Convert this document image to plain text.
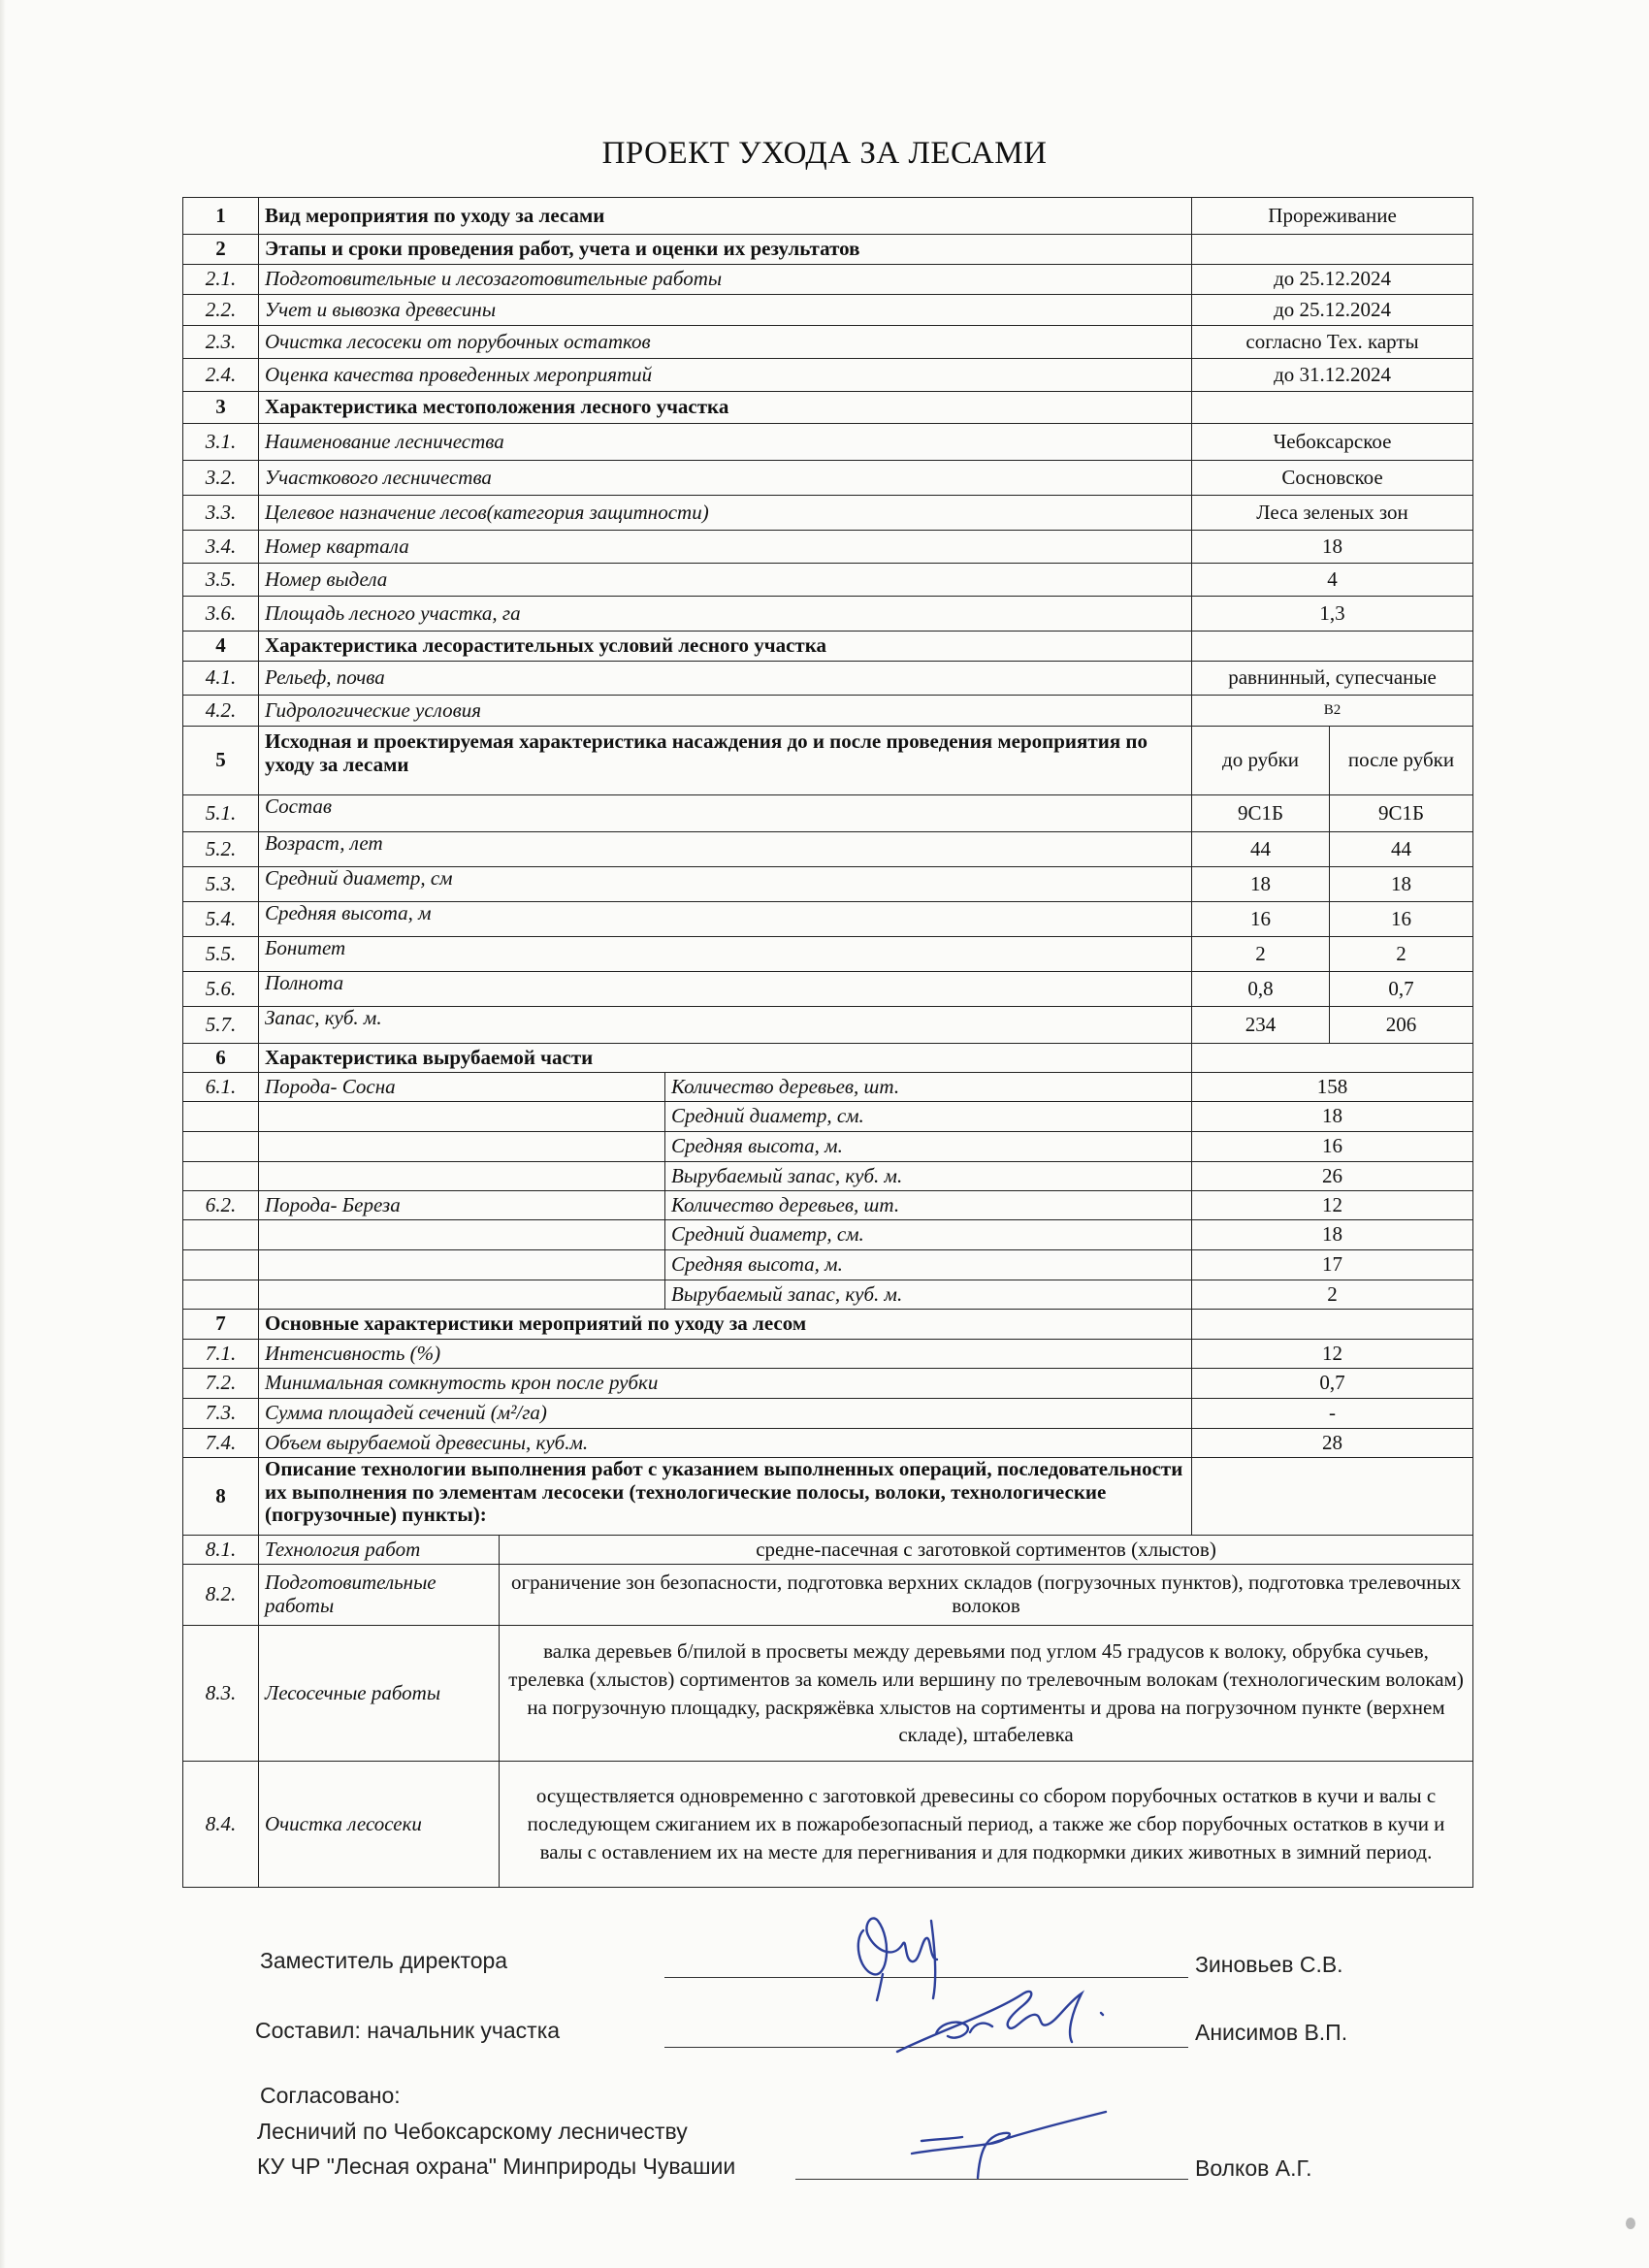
ПРОЕКТ УХОДА ЗА ЛЕСАМИ
1	Вид мероприятия по уходу за лесами			Прореживание	
2	Этапы и сроки проведения работ, учета и оценки их результатов				
2.1.	Подготовительные и лесозаготовительные работы			до 25.12.2024	
2.2.	Учет и вывозка древесины			до 25.12.2024	
2.3.	Очистка лесосеки от порубочных остатков			согласно Тех. карты	
2.4.	Оценка качества проведенных мероприятий			до 31.12.2024	
3	Характеристика местоположения лесного участка				
3.1.	Наименование лесничества			Чебоксарское	
3.2.	Участкового лесничества			Сосновское	
3.3.	Целевое назначение лесов(категория защитности)			Леса зеленых зон	
3.4.	Номер квартала			18	
3.5.	Номер выдела			4	
3.6.	Площадь лесного участка, га			1,3	
4	Характеристика лесорастительных условий лесного участка				
4.1.	Рельеф, почва			равнинный, супесчаные	
4.2.	Гидрологические условия			В2	
5	Исходная и проектируемая характеристика насаждения до и после проведения мероприятия по уходу за лесами			до рубки	после рубки
5.1.	Состав			9С1Б	9С1Б
5.2.	Возраст, лет			44	44
5.3.	Средний диаметр, см			18	18
5.4.	Средняя высота, м			16	16
5.5.	Бонитет			2	2
5.6.	Полнота			0,8	0,7
5.7.	Запас, куб. м.			234	206
6	Характеристика вырубаемой части				
6.1.	Порода- Сосна		Количество деревьев, шт.	158	
			Средний диаметр, см.	18	
			Средняя высота, м.	16	
			Вырубаемый запас, куб. м.	26	
6.2.	Порода- Береза		Количество деревьев, шт.	12	
			Средний диаметр, см.	18	
			Средняя высота, м.	17	
			Вырубаемый запас, куб. м.	2	
7	Основные характеристики мероприятий по уходу за лесом				
7.1.	Интенсивность (%)			12	
7.2.	Минимальная сомкнутость крон после рубки			0,7	
7.3.	Сумма площадей сечений (м²/га)			-	
7.4.	Объем вырубаемой древесины, куб.м.			28	
8	Описание технологии выполнения работ с указанием выполненных операций, последовательности их выполнения по элементам лесосеки (технологические полосы, волоки, технологические (погрузочные) пункты):				
8.1.	Технология работ	средне-пасечная с заготовкой сортиментов (хлыстов)			
8.2.	Подготовительные работы	ограничение зон безопасности, подготовка верхних складов (погрузочных пунктов), подготовка трелевочных волоков			
8.3.	Лесосечные работы	валка деревьев б/пилой в просветы между деревьями под углом 45 градусов к волоку, обрубка сучьев, трелевка (хлыстов) сортиментов за комель или вершину по трелевочным волокам (технологическим волокам) на погрузочную площадку, раскряжёвка хлыстов на сортименты и дрова на погрузочном пункте (верхнем складе), штабелевка			
8.4.	Очистка лесосеки	осуществляется одновременно с заготовкой древесины со сбором порубочных остатков в кучи и валы с последующем сжиганием их в пожаробезопасный период, а также же сбор порубочных остатков в кучи и валы с оставлением их на месте для перегнивания и для подкормки диких животных в зимний период.			
Заместитель директора	Зиновьев С.В.
Составил: начальник участка	Анисимов В.П.
Согласовано:
Лесничий по Чебоксарскому лесничеству
КУ ЧР "Лесная охрана" Минприроды Чувашии	Волков А.Г.
